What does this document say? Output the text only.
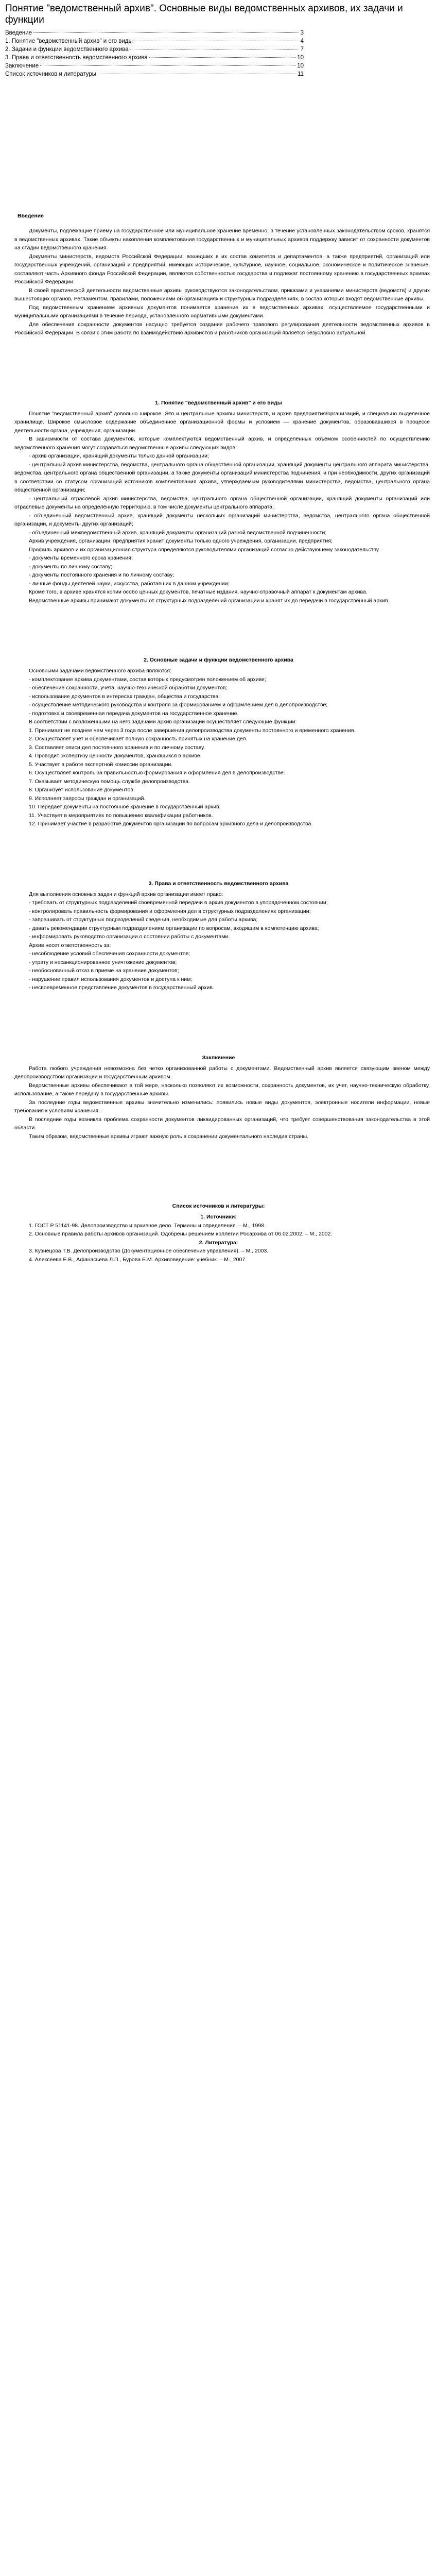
Понятие "ведомственный архив". Основные виды ведомственных архивов, их задачи и функции
Введение	3
1. Понятие "ведомственный архив" и его виды	4
2. Задачи и функции ведомственного архива	7
3. Права и ответственность ведомственного архива	10
Заключение	10
Список источников и литературы	11
Введение

Документы, подлежащие приему на государственное или муниципальное хранение временно, в течение установленных законодательством сроков, хранятся в ведомственных архивах. Такие объекты накопления комплектования государственных и муниципальных архивов поддержку зависит от сохранности документов на стадии ведомственного хранения.

Документы министерств, ведомств Российской Федерации, вошедших в их состав комитетов и департаментов, а также предприятий, организаций или государственных учреждений, организаций и предприятий, имеющих историческое, культурное, научное, социальное, экономическое и политическое значение, составляют часть Архивного фонда Российской Федерации, являются собственностью государства и подлежат постоянному хранению в государственных архивах Российской Федерации.

В своей практической деятельности ведомственные архивы руководствуются законодательством, приказами и указаниями министерств (ведомств) и других вышестоящих органов, Регламентом, правилами, положениями об организациях и структурных подразделениях, в состав которых входят ведомственные архивы.

Под ведомственным хранением архивных документов понимается хранение их в ведомственных архивах, осуществляемое государственными и муниципальными организациями в течение периода, установленного нормативными документами.

Для обеспечения сохранности документов насущно требуется создание рабочего правового регулирования деятельности ведомственных архивов в Российской Федерации. В связи с этим работа по взаимодействию архивистов и работников организаций является безусловно актуальной.

1. Понятие "ведомственный архив" и его виды

Понятие "ведомственный архив" довольно широкое. Это и центральные архивы министерств, и архив предприятия/организаций, и специально выделенное хранилище. Широкое смысловое содержание объединенное организационной формы и условием — хранение документов, образовавшихся в процессе деятельности органа, учреждения, организации.

В зависимости от состава документов, которые комплектуются ведомственный архив, и определённых объёмом особенностей по осуществлению ведомственного хранения могут создаваться ведомственные архивы следующих видов:

- архив организации, хранящий документы только данной организации;

- центральный архив министерства, ведомства, центрального органа общественной организации, хранящий документы центрального аппарата министерства, ведомства, центрального органа общественной организации, а также документы организаций министерства подчинения, и при необходимости, других организаций в соответствии со статусом организаций источников комплектования архива, утверждаемым руководителями министерства, ведомства, центрального органа общественной организации;

- центральный отраслевой архив министерства, ведомства, центрального органа общественной организации, хранящий документы организаций или отраслевые документы на определённую территорию, в том числе документы центрального аппарата;

- объединенный ведомственный архив, хранящий документы нескольких организаций министерства, ведомства, центрального органа общественной организации, и документы других организаций;

- объединенный межведомственный архив, хранящий документы организаций разной ведомственной подчиненности;

Архив учреждения, организации, предприятия хранит документы только одного учреждения, организации, предприятия;

Профиль архивов и их организационная структура определяются руководителями организаций согласно действующему законодательству.

- документы временного срока хранения;

- документы по личному составу;

- документы постоянного хранения и по личному составу;

- личные фонды деятелей науки, искусства, работавших в данном учреждении;

Кроме того, в архиве хранятся копии особо ценных документов, печатные издания, научно-справочный аппарат к документам архива.

Ведомственные архивы принимают документы от структурных подразделений организации и хранят их до передачи в государственный архив.

2. Основные задачи и функции ведомственного архива

Основными задачами ведомственного архива являются:

- комплектование архива документами, состав которых предусмотрен положением об архиве;

- обеспечение сохранности, учета, научно-технической обработки документов;

- использование документов в интересах граждан, общества и государства;

- осуществление методического руководства и контроля за формированием и оформлением дел в делопроизводстве;

- подготовка и своевременная передача документов на государственное хранение.

В соответствии с возложенными на него задачами архив организации осуществляет следующие функции:

1. Принимает не позднее чем через 3 года после завершения делопроизводства документы постоянного и временного хранения.

2. Осуществляет учет и обеспечивает полную сохранность принятых на хранение дел.

3. Составляет описи дел постоянного хранения и по личному составу.

4. Проводит экспертизу ценности документов, хранящихся в архиве.

5. Участвует в работе экспертной комиссии организации.

6. Осуществляет контроль за правильностью формирования и оформления дел в делопроизводстве.

7. Оказывает методическую помощь службе делопроизводства.

8. Организует использование документов.

9. Исполняет запросы граждан и организаций.

10. Передает документы на постоянное хранение в государственный архив.

11. Участвует в мероприятиях по повышению квалификации работников.

12. Принимает участие в разработке документов организации по вопросам архивного дела и делопроизводства.

3. Права и ответственность ведомственного архива

Для выполнения основных задач и функций архив организации имеет право:

- требовать от структурных подразделений своевременной передачи в архив документов в упорядоченном состоянии;

- контролировать правильность формирования и оформления дел в структурных подразделениях организации;

- запрашивать от структурных подразделений сведения, необходимые для работы архива;

- давать рекомендации структурным подразделениям организации по вопросам, входящим в компетенцию архива;

- информировать руководство организации о состоянии работы с документами.

Архив несет ответственность за:

- несоблюдение условий обеспечения сохранности документов;

- утрату и несанкционированное уничтожение документов;

- необоснованный отказ в приеме на хранение документов;

- нарушение правил использования документов и доступа к ним;

- несвоевременное представление документов в государственный архив.

Заключение

Работа любого учреждения невозможна без четко организованной работы с документами. Ведомственный архив является связующим звеном между делопроизводством организации и государственным архивом.

Ведомственные архивы обеспечивают в той мере, насколько позволяют их возможности, сохранность документов, их учет, научно-техническую обработку, использование, а также передачу в государственные архивы.

За последние годы ведомственные архивы значительно изменились: появились новые виды документов, электронные носители информации, новые требования к условиям хранения.

В последние годы возникла проблема сохранности документов ликвидированных организаций, что требует совершенствования законодательства в этой области.

Таким образом, ведомственные архивы играют важную роль в сохранении документального наследия страны.

Список источников и литературы:

1. Источники:

1. ГОСТ Р 51141-98. Делопроизводство и архивное дело. Термины и определения. – М., 1998.

2. Основные правила работы архивов организаций. Одобрены решением коллегии Росархива от 06.02.2002. – М., 2002.

2. Литература:

3. Кузнецова Т.В. Делопроизводство (Документационное обеспечение управления). – М., 2003.

4. Алексеева Е.В., Афанасьева Л.П., Бурова Е.М. Архивоведение: учебник. – М., 2007.
